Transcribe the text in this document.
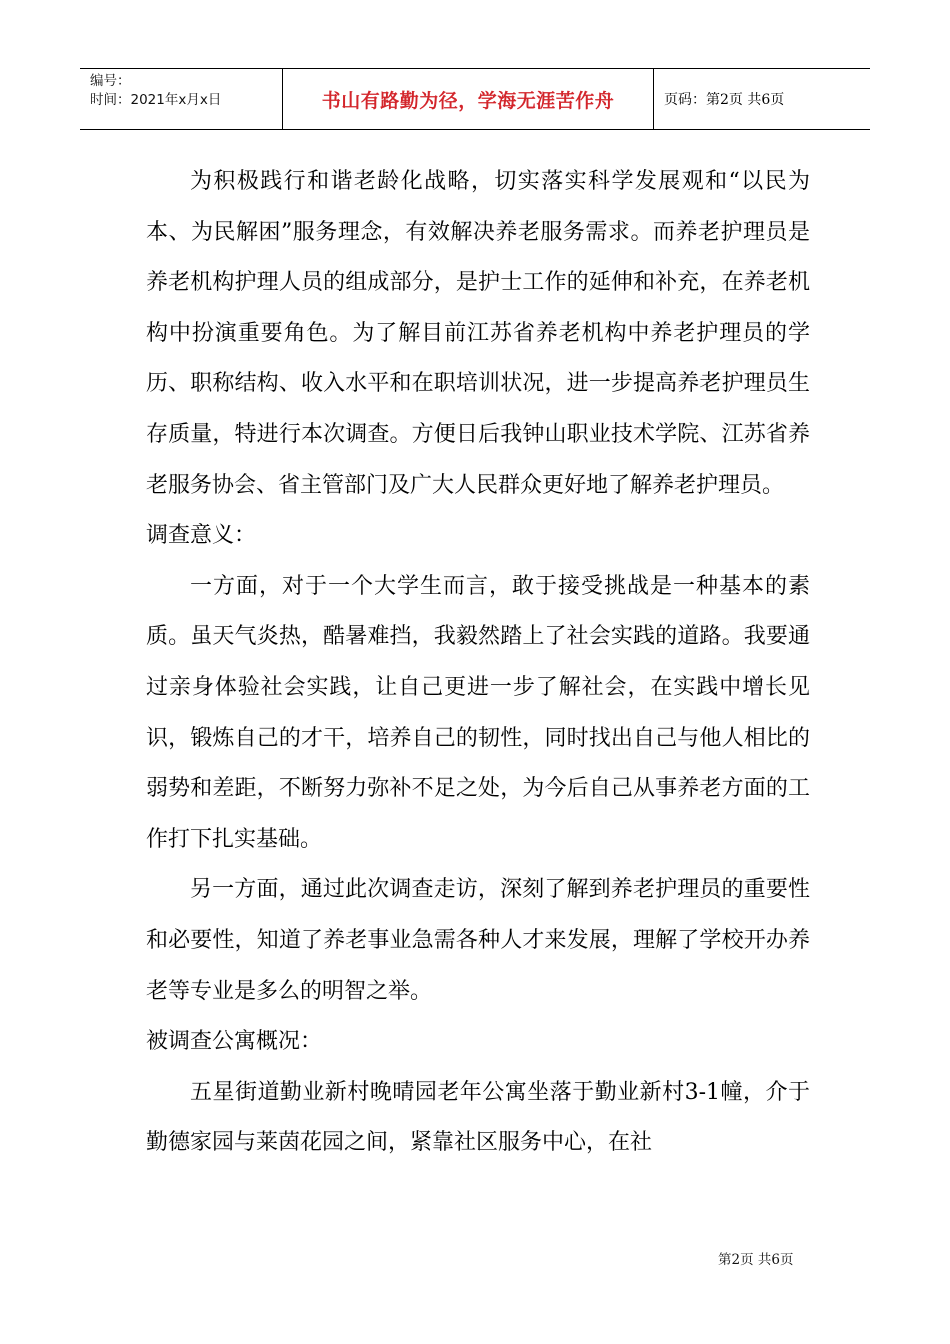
编号：
时间：2021年x月x日	书山有路勤为径，学海无涯苦作舟	页码：第2页 共6页

为积极践行和谐老龄化战略，切实落实科学发展观和“以民为本、为民解困”服务理念，有效解决养老服务需求。而养老护理员是养老机构护理人员的组成部分，是护士工作的延伸和补充，在养老机构中扮演重要角色。为了解目前江苏省养老机构中养老护理员的学历、职称结构、收入水平和在职培训状况，进一步提高养老护理员生存质量，特进行本次调查。方便日后我钟山职业技术学院、江苏省养老服务协会、省主管部门及广大人民群众更好地了解养老护理员。

调查意义：

一方面，对于一个大学生而言，敢于接受挑战是一种基本的素质。虽天气炎热，酷暑难挡，我毅然踏上了社会实践的道路。我要通过亲身体验社会实践，让自己更进一步了解社会，在实践中增长见识，锻炼自己的才干，培养自己的韧性，同时找出自己与他人相比的弱势和差距，不断努力弥补不足之处，为今后自己从事养老方面的工作打下扎实基础。

另一方面，通过此次调查走访，深刻了解到养老护理员的重要性和必要性，知道了养老事业急需各种人才来发展，理解了学校开办养老等专业是多么的明智之举。

被调查公寓概况：

五星街道勤业新村晚晴园老年公寓坐落于勤业新村3-1幢，介于勤德家园与莱茵花园之间，紧靠社区服务中心，在社

第2页 共6页
